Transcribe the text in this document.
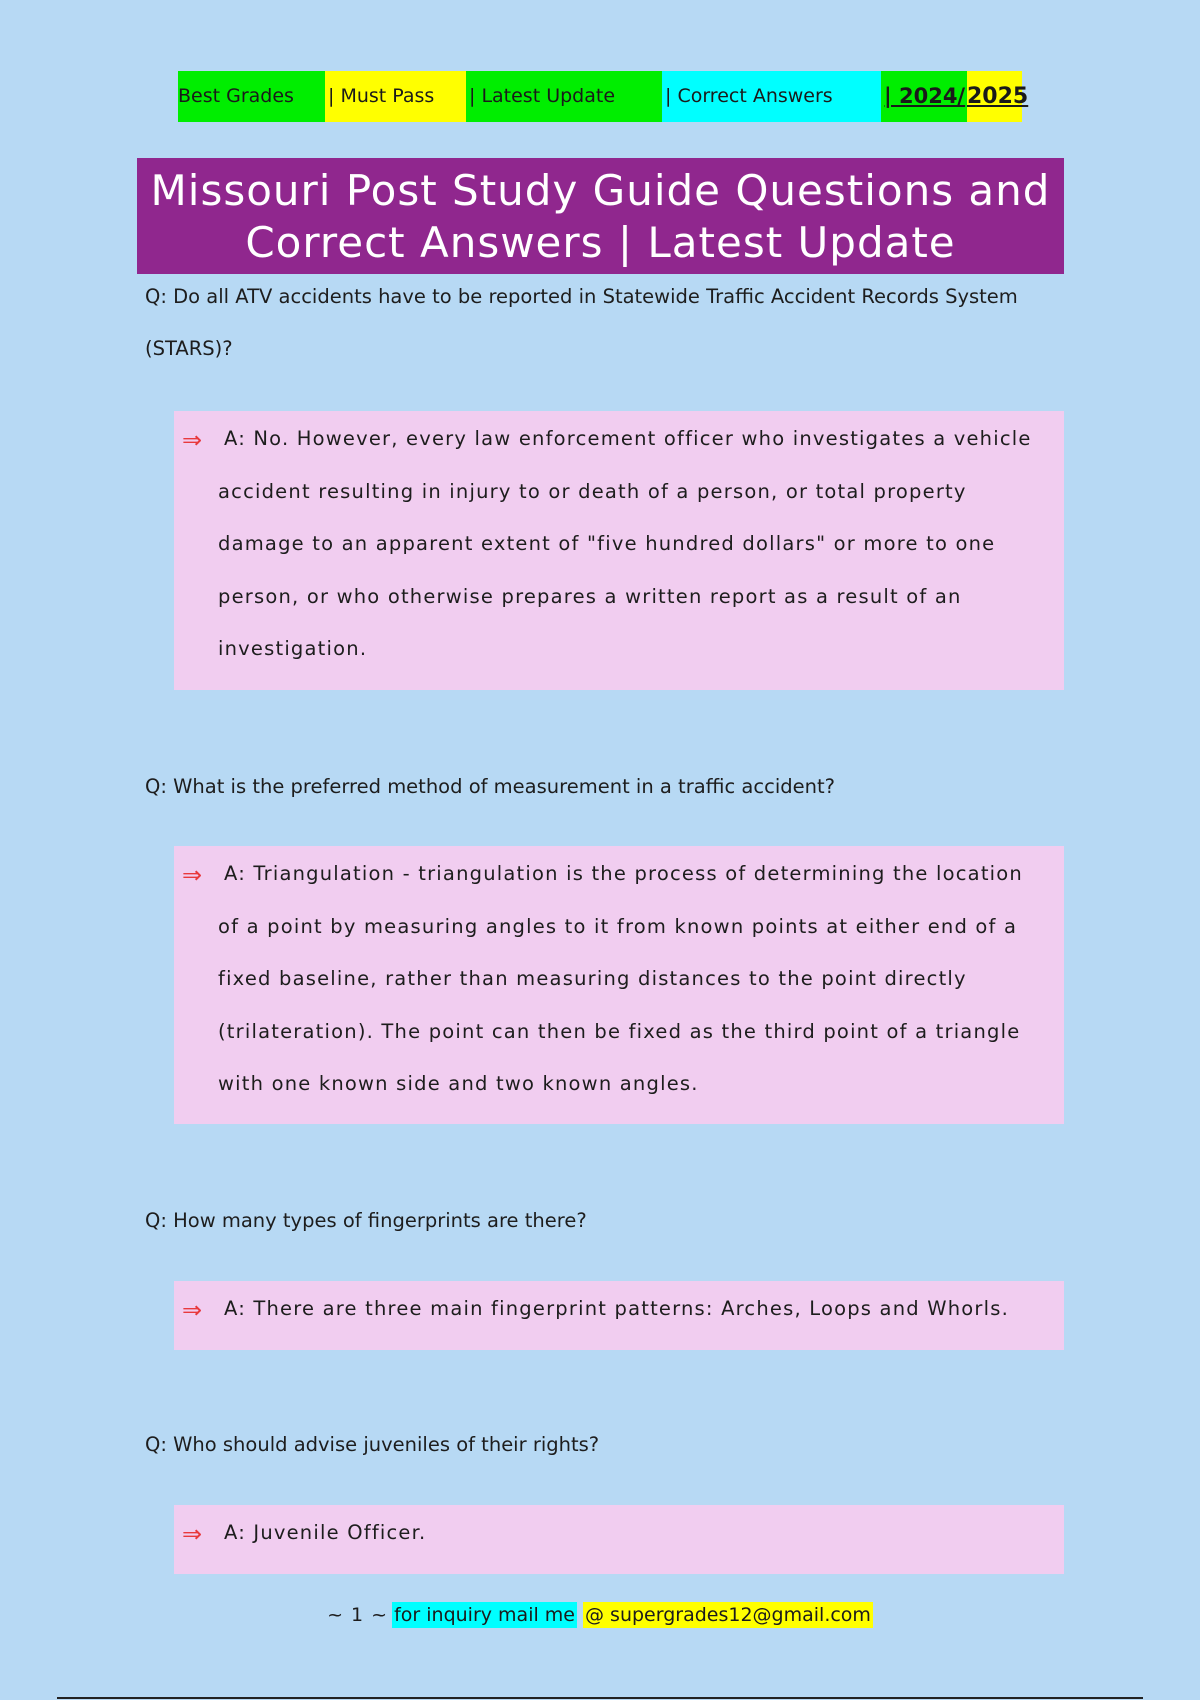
Best Grades	| Must Pass	| Latest Update	| Correct Answers	| 2024/ 2025
Missouri Post Study Guide Questions and Correct Answers | Latest Update
Q: Do all ATV accidents have to be reported in Statewide Traffic Accident Records System (STARS)?
⇒	A: No. However, every law enforcement officer who investigates a vehicle accident resulting in injury to or death of a person, or total property damage to an apparent extent of "five hundred dollars" or more to one person, or who otherwise prepares a written report as a result of an investigation.
Q: What is the preferred method of measurement in a traffic accident?
⇒	A: Triangulation - triangulation is the process of determining the location of a point by measuring angles to it from known points at either end of a fixed baseline, rather than measuring distances to the point directly (trilateration). The point can then be fixed as the third point of a triangle with one known side and two known angles.
Q: How many types of fingerprints are there?
⇒	A: There are three main fingerprint patterns: Arches, Loops and Whorls.
Q: Who should advise juveniles of their rights?
⇒	A: Juvenile Officer.
~ 1 ~ for inquiry mail me @ supergrades12@gmail.com
